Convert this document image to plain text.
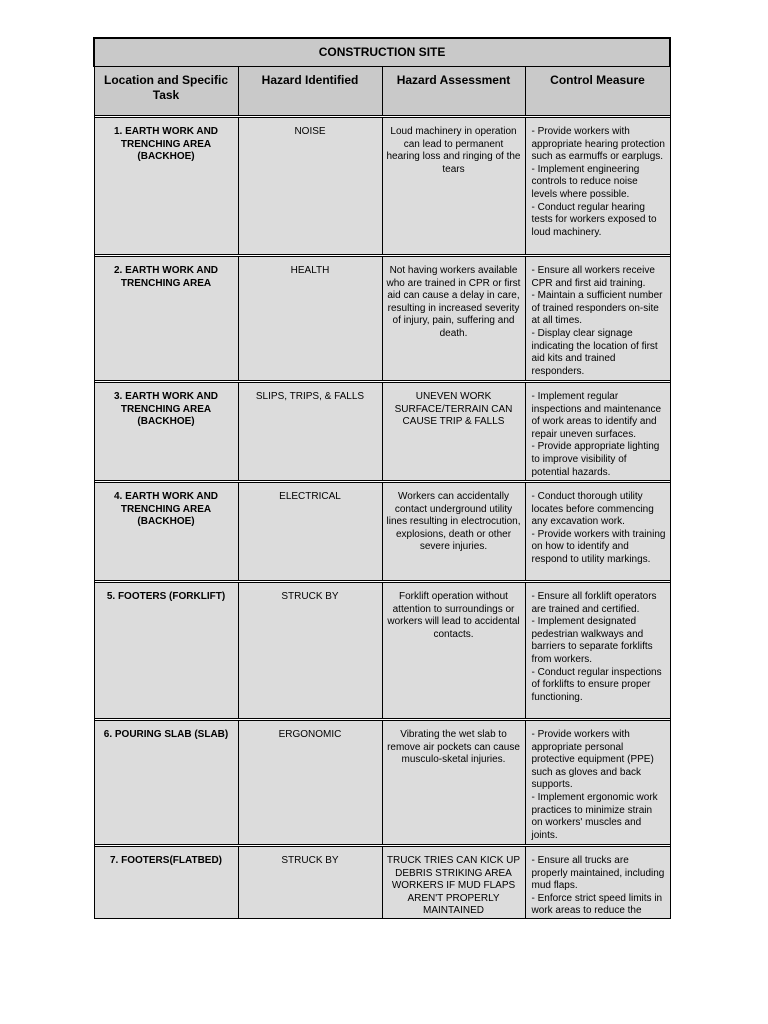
CONSTRUCTION SITE			
Location and Specific Task	Hazard Identified	Hazard Assessment	Control Measure

1. EARTH WORK AND TRENCHING AREA (BACKHOE)	NOISE	Loud machinery in operation can lead to permanent hearing loss and ringing of the tears	- Provide workers with appropriate hearing protection such as earmuffs or earplugs.
- Implement engineering controls to reduce noise levels where possible.
- Conduct regular hearing tests for workers exposed to loud machinery.

2. EARTH WORK AND TRENCHING AREA	HEALTH	Not having workers available who are trained in CPR or first aid can cause a delay in care, resulting in increased severity of injury, pain, suffering and death.	- Ensure all workers receive CPR and first aid training.
- Maintain a sufficient number of trained responders on-site at all times.
- Display clear signage indicating the location of first aid kits and trained responders.

3. EARTH WORK AND TRENCHING AREA (BACKHOE)	SLIPS, TRIPS, & FALLS	UNEVEN WORK SURFACE/TERRAIN CAN CAUSE TRIP & FALLS	- Implement regular inspections and maintenance of work areas to identify and repair uneven surfaces.
- Provide appropriate lighting to improve visibility of potential hazards.

4. EARTH WORK AND TRENCHING AREA (BACKHOE)	ELECTRICAL	Workers can accidentally contact underground utility lines resulting in electrocution, explosions, death or other severe injuries.	- Conduct thorough utility locates before commencing any excavation work.
- Provide workers with training on how to identify and respond to utility markings.

5. FOOTERS (FORKLIFT)	STRUCK BY	Forklift operation without attention to surroundings or workers will lead to accidental contacts.	- Ensure all forklift operators are trained and certified.
- Implement designated pedestrian walkways and barriers to separate forklifts from workers.
- Conduct regular inspections of forklifts to ensure proper functioning.

6. POURING SLAB (SLAB)	ERGONOMIC	Vibrating the wet slab to remove air pockets can cause musculo-sketal injuries.	- Provide workers with appropriate personal protective equipment (PPE) such as gloves and back supports.
- Implement ergonomic work practices to minimize strain on workers' muscles and joints.

7. FOOTERS(FLATBED)	STRUCK BY	TRUCK TRIES CAN KICK UP DEBRIS STRIKING AREA WORKERS IF MUD FLAPS AREN'T PROPERLY MAINTAINED	- Ensure all trucks are properly maintained, including mud flaps.
- Enforce strict speed limits in work areas to reduce the
